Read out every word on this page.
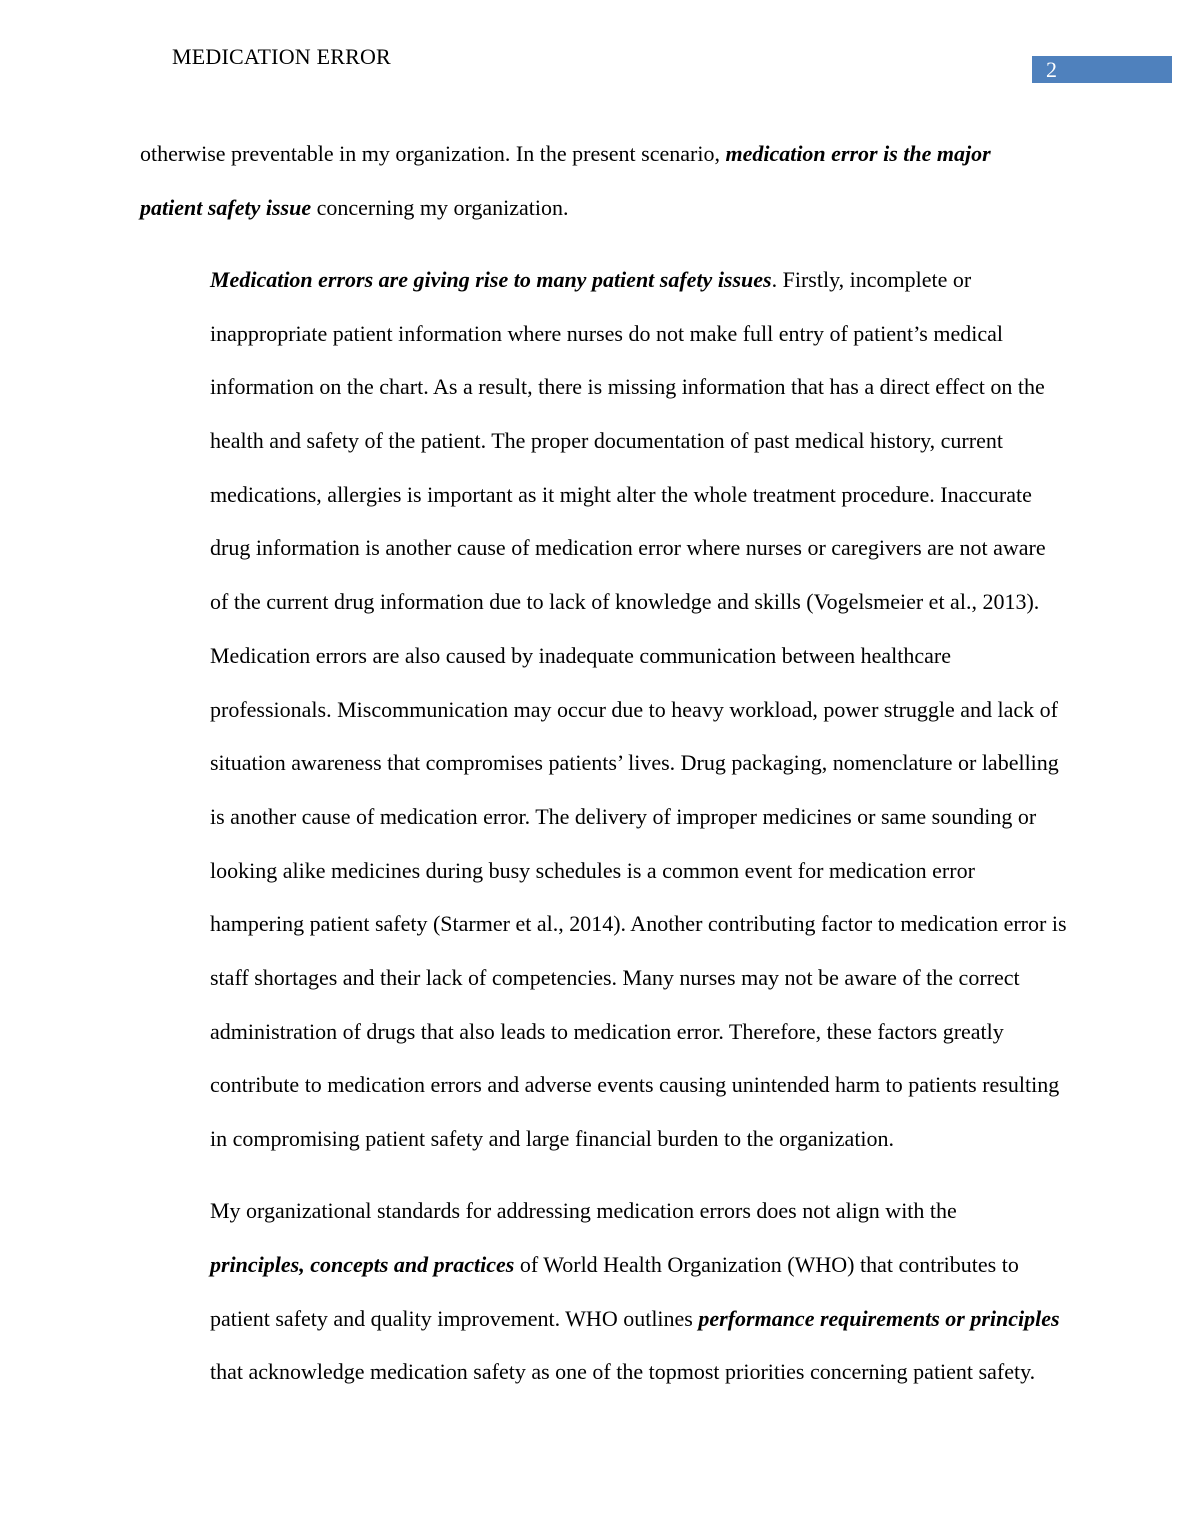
MEDICATION ERROR
2

otherwise preventable in my organization. In the present scenario, medication error is the major
patient safety issue concerning my organization.

Medication errors are giving rise to many patient safety issues. Firstly, incomplete or
inappropriate patient information where nurses do not make full entry of patient’s medical
information on the chart. As a result, there is missing information that has a direct effect on the
health and safety of the patient. The proper documentation of past medical history, current
medications, allergies is important as it might alter the whole treatment procedure. Inaccurate
drug information is another cause of medication error where nurses or caregivers are not aware
of the current drug information due to lack of knowledge and skills (Vogelsmeier et al., 2013).
Medication errors are also caused by inadequate communication between healthcare
professionals. Miscommunication may occur due to heavy workload, power struggle and lack of
situation awareness that compromises patients’ lives. Drug packaging, nomenclature or labelling
is another cause of medication error. The delivery of improper medicines or same sounding or
looking alike medicines during busy schedules is a common event for medication error
hampering patient safety (Starmer et al., 2014). Another contributing factor to medication error is
staff shortages and their lack of competencies. Many nurses may not be aware of the correct
administration of drugs that also leads to medication error. Therefore, these factors greatly
contribute to medication errors and adverse events causing unintended harm to patients resulting
in compromising patient safety and large financial burden to the organization.

My organizational standards for addressing medication errors does not align with the
principles, concepts and practices of World Health Organization (WHO) that contributes to
patient safety and quality improvement. WHO outlines performance requirements or principles
that acknowledge medication safety as one of the topmost priorities concerning patient safety.
